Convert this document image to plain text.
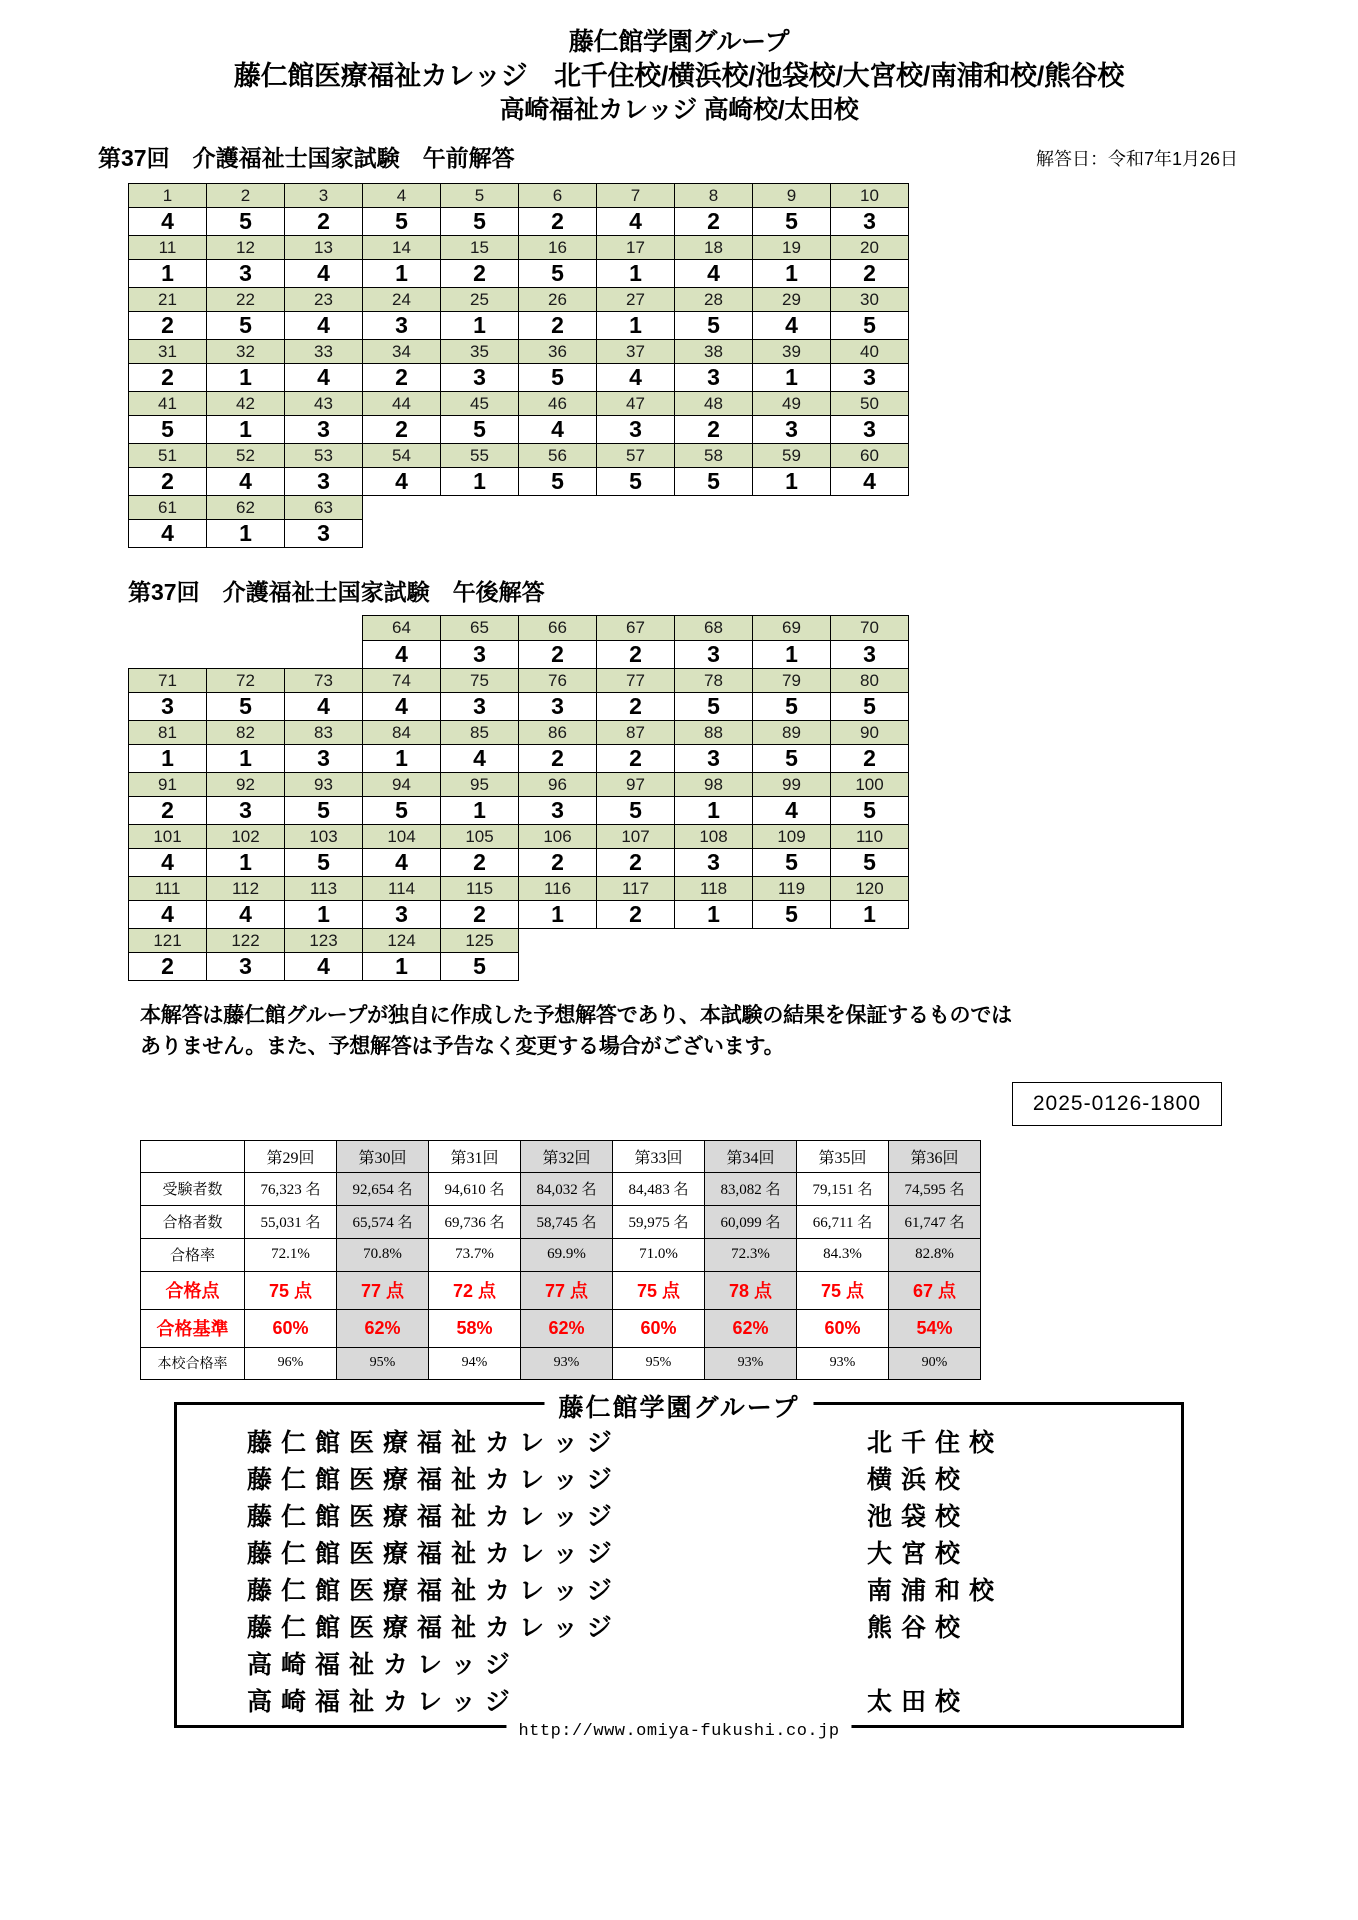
藤仁館学園グループ
藤仁館医療福祉カレッジ　北千住校/横浜校/池袋校/大宮校/南浦和校/熊谷校
高崎福祉カレッジ 高崎校/太田校
第37回　介護福祉士国家試験　午前解答	解答日：令和7年1月26日
1	2	3	4	5	6	7	8	9	10
4	5	2	5	5	2	4	2	5	3
11	12	13	14	15	16	17	18	19	20
1	3	4	1	2	5	1	4	1	2
21	22	23	24	25	26	27	28	29	30
2	5	4	3	1	2	1	5	4	5
31	32	33	34	35	36	37	38	39	40
2	1	4	2	3	5	4	3	1	3
41	42	43	44	45	46	47	48	49	50
5	1	3	2	5	4	3	2	3	3
51	52	53	54	55	56	57	58	59	60
2	4	3	4	1	5	5	5	1	4
61	62	63							
4	1	3							
第37回　介護福祉士国家試験　午後解答
			64	65	66	67	68	69	70
			4	3	2	2	3	1	3
71	72	73	74	75	76	77	78	79	80
3	5	4	4	3	3	2	5	5	5
81	82	83	84	85	86	87	88	89	90
1	1	3	1	4	2	2	3	5	2
91	92	93	94	95	96	97	98	99	100
2	3	5	5	1	3	5	1	4	5
101	102	103	104	105	106	107	108	109	110
4	1	5	4	2	2	2	3	5	5
111	112	113	114	115	116	117	118	119	120
4	4	1	3	2	1	2	1	5	1
121	122	123	124	125					
2	3	4	1	5					
本解答は藤仁館グループが独自に作成した予想解答であり、本試験の結果を保証するものでは
ありません。また、予想解答は予告なく変更する場合がございます。
2025-0126-1800
	第29回	第30回	第31回	第32回	第33回	第34回	第35回	第36回
受験者数	76,323 名	92,654 名	94,610 名	84,032 名	84,483 名	83,082 名	79,151 名	74,595 名
合格者数	55,031 名	65,574 名	69,736 名	58,745 名	59,975 名	60,099 名	66,711 名	61,747 名
合格率	72.1%	70.8%	73.7%	69.9%	71.0%	72.3%	84.3%	82.8%
合格点	75 点	77 点	72 点	77 点	75 点	78 点	75 点	67 点
合格基準	60%	62%	58%	62%	60%	62%	60%	54%
本校合格率	96%	95%	94%	93%	95%	93%	93%	90%
藤仁館学園グループ
藤仁館医療福祉カレッジ	北千住校
藤仁館医療福祉カレッジ	横浜校
藤仁館医療福祉カレッジ	池袋校
藤仁館医療福祉カレッジ	大宮校
藤仁館医療福祉カレッジ	南浦和校
藤仁館医療福祉カレッジ	熊谷校
高崎福祉カレッジ
高崎福祉カレッジ	太田校
http://www.omiya-fukushi.co.jp
